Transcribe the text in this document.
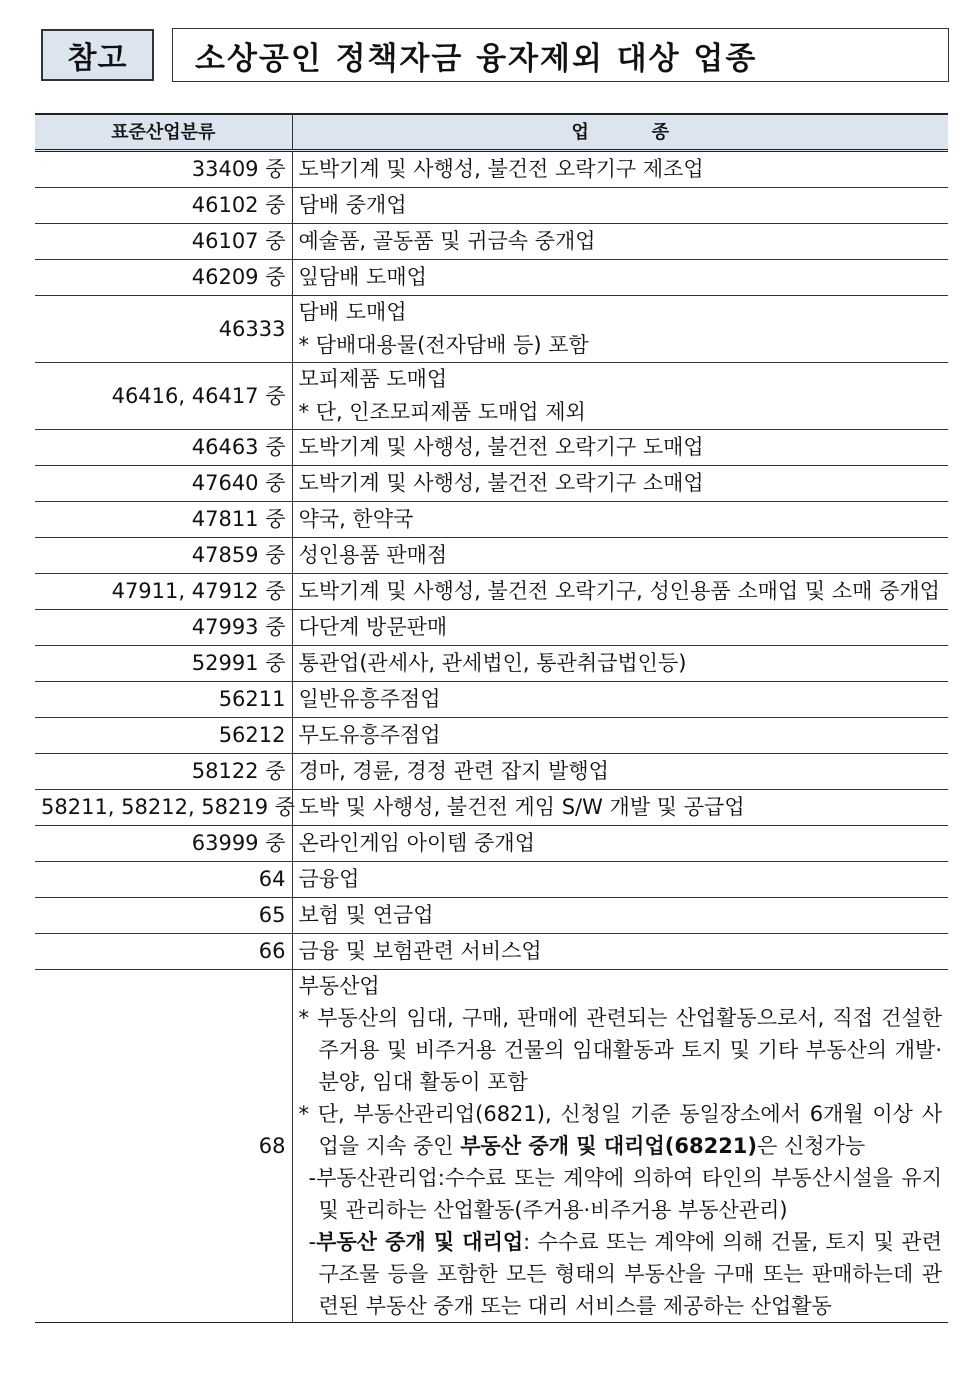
참고	소상공인 정책자금 융자제외 대상 업종
표준산업분류	업          종
33409 중	도박기계 및 사행성, 불건전 오락기구 제조업

46102 중	담배 중개업

46107 중	예술품, 골동품 및 귀금속 중개업

46209 중	잎담배 도매업

46333	담배 도매업
* 담배대용물(전자담배 등) 포함

46416, 46417 중	모피제품 도매업
* 단, 인조모피제품 도매업 제외

46463 중	도박기계 및 사행성, 불건전 오락기구 도매업

47640 중	도박기계 및 사행성, 불건전 오락기구 소매업

47811 중	약국, 한약국

47859 중	성인용품 판매점

47911, 47912 중	도박기계 및 사행성, 불건전 오락기구, 성인용품 소매업 및 소매 중개업

47993 중	다단계 방문판매

52991 중	통관업(관세사, 관세법인, 통관취급법인등)

56211	일반유흥주점업

56212	무도유흥주점업

58122 중	경마, 경륜, 경정 관련 잡지 발행업

58211, 58212, 58219 중	도박 및 사행성, 불건전 게임 S/W 개발 및 공급업

63999 중	온라인게임 아이템 중개업

64	금융업

65	보험 및 연금업

66	금융 및 보험관련 서비스업

68	부동산업
* 부동산의 임대, 구매, 판매에 관련되는 산업활동으로서, 직접 건설한 주거용 및 비주거용 건물의 임대활동과 토지 및 기타 부동산의 개발·분양, 임대 활동이 포함
* 단, 부동산관리업(6821), 신청일 기준 동일장소에서 6개월 이상 사업을 지속 중인 부동산 중개 및 대리업(68221)은 신청가능
-부동산관리업:수수료 또는 계약에 의하여 타인의 부동산시설을 유지 및 관리하는 산업활동(주거용·비주거용 부동산관리)
-부동산 중개 및 대리업: 수수료 또는 계약에 의해 건물, 토지 및 관련 구조물 등을 포함한 모든 형태의 부동산을 구매 또는 판매하는데 관련된 부동산 중개 또는 대리 서비스를 제공하는 산업활동
